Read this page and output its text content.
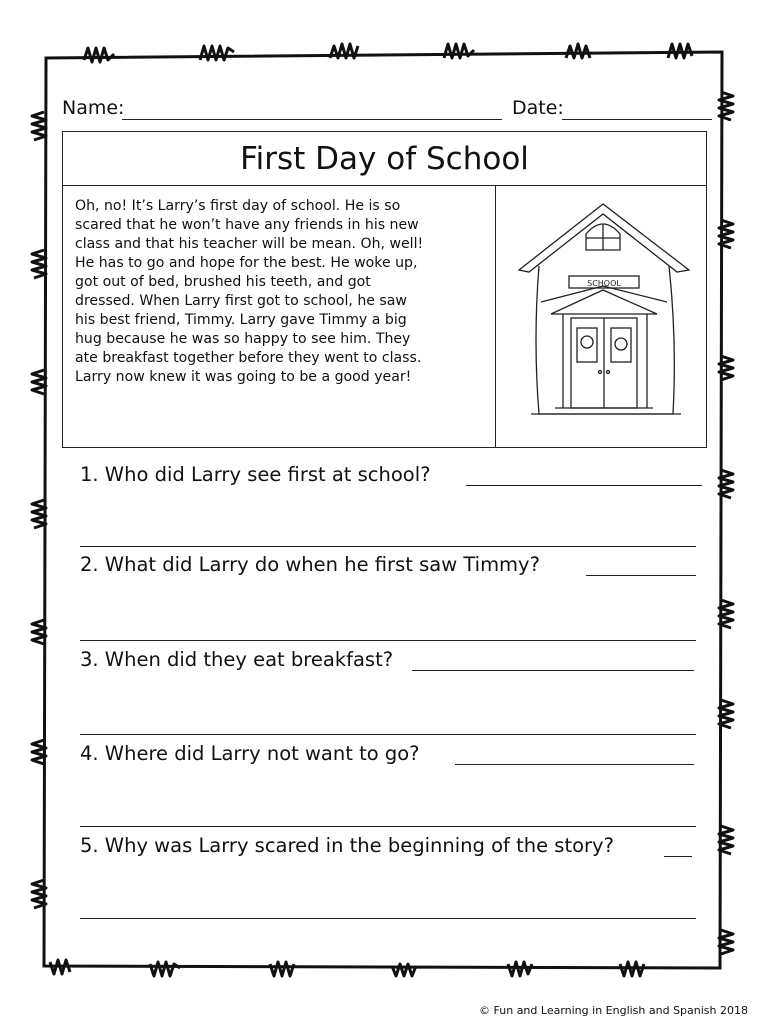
Name:	Date:
First Day of School
Oh, no! It’s Larry’s first day of school. He is so
scared that he won’t have any friends in his new
class and that his teacher will be mean. Oh, well!
He has to go and hope for the best. He woke up,
got out of bed, brushed his teeth, and got
dressed. When Larry first got to school, he saw
his best friend, Timmy. Larry gave Timmy a big
hug because he was so happy to see him. They
ate breakfast together before they went to class.
Larry now knew it was going to be a good year!
SCHOOL
1. Who did Larry see first at school?
2. What did Larry do when he first saw Timmy?
3. When did they eat breakfast?
4. Where did Larry not want to go?
5. Why was Larry scared in the beginning of the story?
© Fun and Learning in English and Spanish 2018
